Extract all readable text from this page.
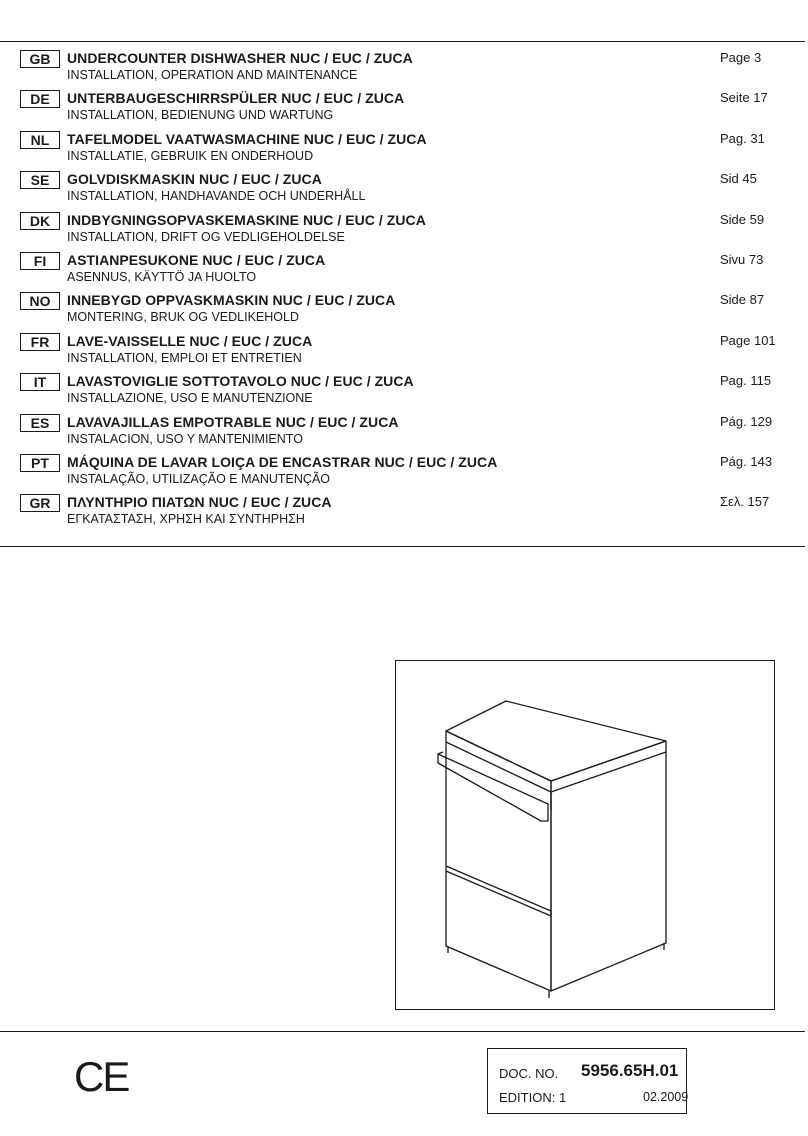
GB	UNDERCOUNTER DISHWASHER NUC / EUC / ZUCA
INSTALLATION, OPERATION AND MAINTENANCE
Page 3
DE	UNTERBAUGESCHIRRSPÜLER NUC / EUC / ZUCA
INSTALLATION, BEDIENUNG UND WARTUNG
Seite 17
NL	TAFELMODEL VAATWASMACHINE NUC / EUC / ZUCA
INSTALLATIE, GEBRUIK EN ONDERHOUD
Pag. 31
SE	GOLVDISKMASKIN NUC / EUC / ZUCA
INSTALLATION, HANDHAVANDE OCH UNDERHÅLL
Sid 45
DK	INDBYGNINGSOPVASKEMASKINE NUC / EUC / ZUCA
INSTALLATION, DRIFT OG VEDLIGEHOLDELSE
Side 59
FI	ASTIANPESUKONE NUC / EUC / ZUCA
ASENNUS, KÄYTTÖ JA HUOLTO
Sivu 73
NO	INNEBYGD OPPVASKMASKIN NUC / EUC / ZUCA
MONTERING, BRUK OG VEDLIKEHOLD
Side 87
FR	LAVE-VAISSELLE NUC / EUC / ZUCA
INSTALLATION, EMPLOI ET ENTRETIEN
Page 101
IT	LAVASTOVIGLIE SOTTOTAVOLO NUC / EUC / ZUCA
INSTALLAZIONE, USO E MANUTENZIONE
Pag. 115
ES	LAVAVAJILLAS EMPOTRABLE NUC / EUC / ZUCA
INSTALACION, USO Y MANTENIMIENTO
Pág. 129
PT	MÁQUINA DE LAVAR LOIÇA DE ENCASTRAR NUC / EUC / ZUCA
INSTALAÇÃO, UTILIZAÇÃO E MANUTENÇÃO
Pág. 143
GR	ΠΛΥΝΤΗΡΙΟ ΠΙΑΤΩΝ NUC / EUC / ZUCA
ΕΓΚΑΤΑΣΤΑΣΗ, ΧΡΗΣΗ ΚΑΙ ΣΥΝΤΗΡΗΣΗ
Σελ. 157
CE	DOC. NO. 5956.65H.01
EDITION: 1	02.2009
